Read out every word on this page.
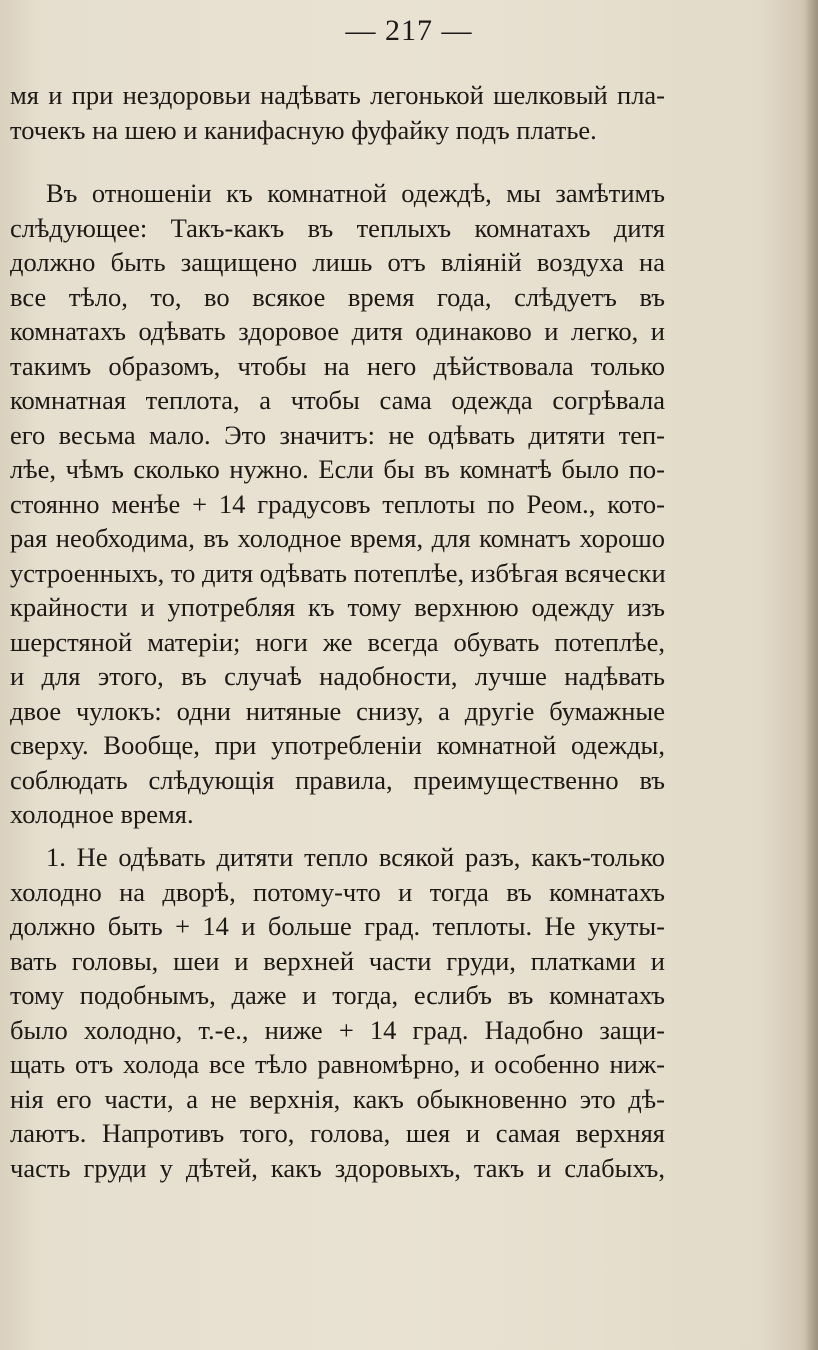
— 217 —
мя и при нездоровьи надѣвать легонькой шелковый пла-
точекъ на шею и канифасную фуфайку подъ платье.
Въ отношеніи къ комнатной одеждѣ, мы замѣтимъ
слѣдующее: Такъ-какъ въ теплыхъ комнатахъ дитя
должно быть защищено лишь отъ вліяній воздуха на
все тѣло, то, во всякое время года, слѣдуетъ въ
комнатахъ одѣвать здоровое дитя одинаково и легко, и
такимъ образомъ, чтобы на него дѣйствовала только
комнатная теплота, а чтобы сама одежда согрѣвала
его весьма мало. Это значитъ: не одѣвать дитяти теп-
лѣе, чѣмъ сколько нужно. Если бы въ комнатѣ было по-
стоянно менѣе + 14 градусовъ теплоты по Реом., кото-
рая необходима, въ холодное время, для комнатъ хорошо
устроенныхъ, то дитя одѣвать потеплѣе, избѣгая всячески
крайности и употребляя къ тому верхнюю одежду изъ
шерстяной матеріи; ноги же всегда обувать потеплѣе,
и для этого, въ случаѣ надобности, лучше надѣвать
двое чулокъ: одни нитяные снизу, а другіе бумажные
сверху. Вообще, при употребленіи комнатной одежды,
соблюдать слѣдующія правила, преимущественно въ
холодное время.
1. Не одѣвать дитяти тепло всякой разъ, какъ-только
холодно на дворѣ, потому-что и тогда въ комнатахъ
должно быть + 14 и больше град. теплоты. Не укуты-
вать головы, шеи и верхней части груди, платками и
тому подобнымъ, даже и тогда, еслибъ въ комнатахъ
было холодно, т.-е., ниже + 14 град. Надобно защи-
щать отъ холода все тѣло равномѣрно, и особенно ниж-
нія его части, а не верхнія, какъ обыкновенно это дѣ-
лаютъ. Напротивъ того, голова, шея и самая верхняя
часть груди у дѣтей, какъ здоровыхъ, такъ и слабыхъ,
